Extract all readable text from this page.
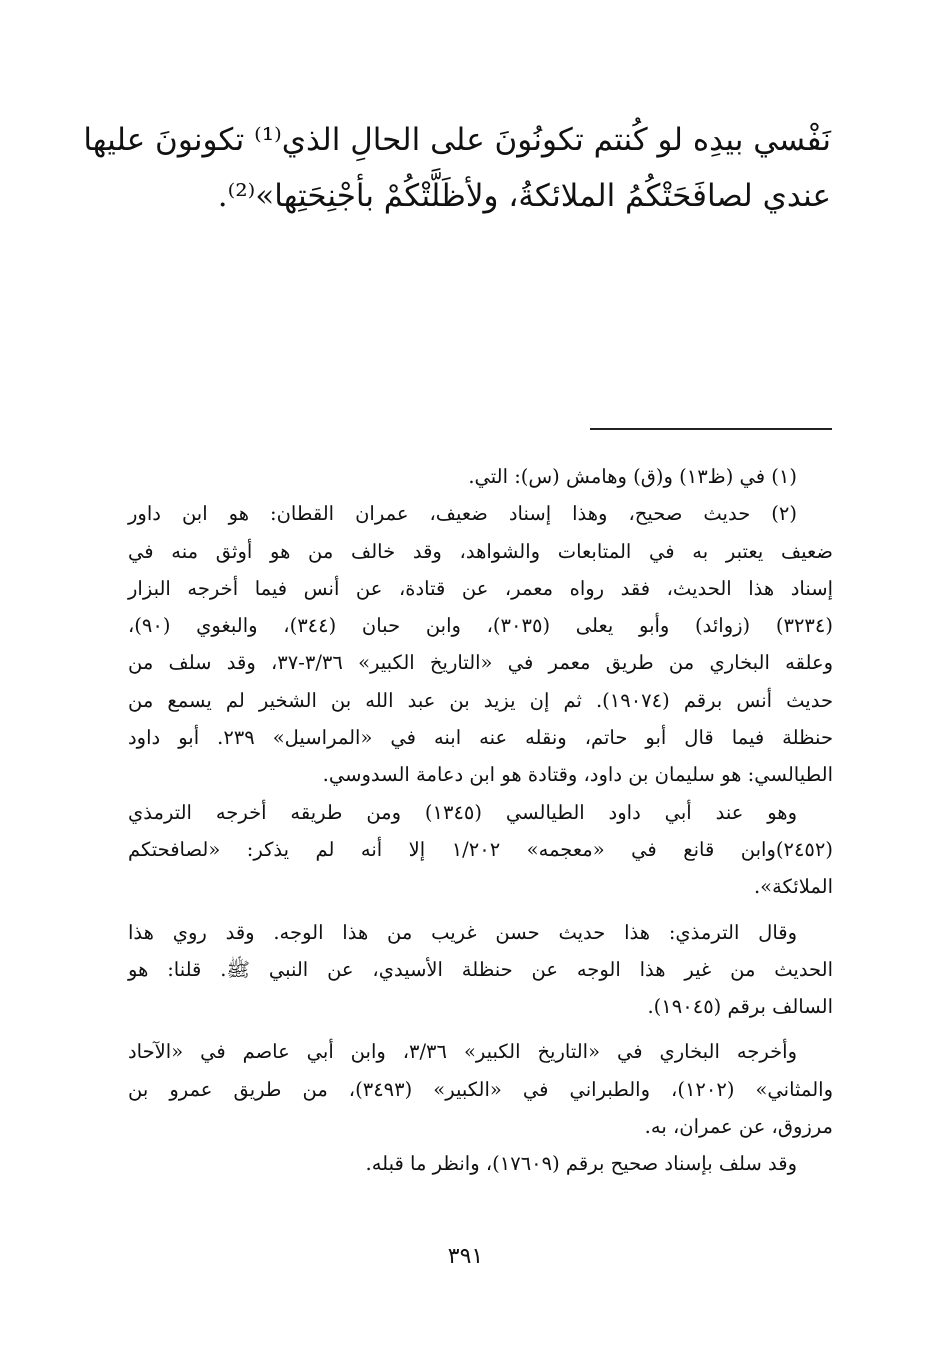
نَفْسي بيدِه لو كُنتم تكونُونَ على الحالِ الذي⁽¹⁾ تكونونَ عليها
عندي لصافَحَتْكُمُ الملائكةُ، ولأظَلَّتْكُمْ بأجْنِحَتِها»⁽²⁾.
(١) في (ظ١٣) و(ق) وهامش (س): التي.
(٢) حديث صحيح، وهذا إسناد ضعيف، عمران القطان: هو ابن داور
ضعيف يعتبر به في المتابعات والشواهد، وقد خالف من هو أوثق منه في
إسناد هذا الحديث، فقد رواه معمر، عن قتادة، عن أنس فيما أخرجه البزار
(٣٢٣٤) (زوائد) وأبو يعلى (٣٠٣٥)، وابن حبان (٣٤٤)، والبغوي (٩٠)،
وعلقه البخاري من طريق معمر في «التاريخ الكبير» ٣/٣٦-٣٧، وقد سلف من
حديث أنس برقم (١٩٠٧٤). ثم إن يزيد بن عبد الله بن الشخير لم يسمع من
حنظلة فيما قال أبو حاتم، ونقله عنه ابنه في «المراسيل» ٢٣٩. أبو داود
الطيالسي: هو سليمان بن داود، وقتادة هو ابن دعامة السدوسي.
وهو عند أبي داود الطيالسي (١٣٤٥) ومن طريقه أخرجه الترمذي
(٢٤٥٢)وابن قانع في «معجمه» ١/٢٠٢ إلا أنه لم يذكر: «لصافحتكم
الملائكة».
وقال الترمذي: هذا حديث حسن غريب من هذا الوجه. وقد روي هذا
الحديث من غير هذا الوجه عن حنظلة الأسيدي، عن النبي ﷺ. قلنا: هو
السالف برقم (١٩٠٤٥).
وأخرجه البخاري في «التاريخ الكبير» ٣/٣٦، وابن أبي عاصم في «الآحاد
والمثاني» (١٢٠٢)، والطبراني في «الكبير» (٣٤٩٣)، من طريق عمرو بن
مرزوق، عن عمران، به.
وقد سلف بإسناد صحيح برقم (١٧٦٠٩)، وانظر ما قبله.
٣٩١
